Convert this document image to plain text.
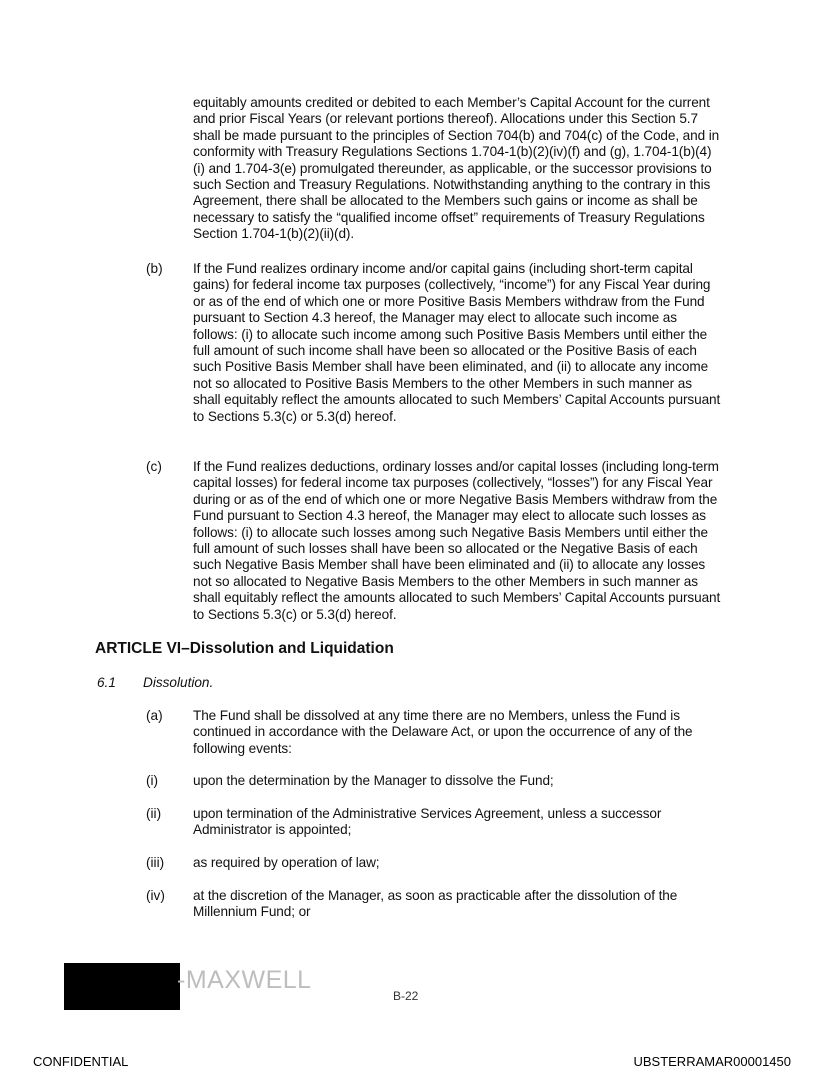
equitably amounts credited or debited to each Member’s Capital Account for the current and prior Fiscal Years (or relevant portions thereof). Allocations under this Section 5.7 shall be made pursuant to the principles of Section 704(b) and 704(c) of the Code, and in conformity with Treasury Regulations Sections 1.704-1(b)(2)(iv)(f) and (g), 1.704-1(b)(4)(i) and 1.704-3(e) promulgated thereunder, as applicable, or the successor provisions to such Section and Treasury Regulations. Notwithstanding anything to the contrary in this Agreement, there shall be allocated to the Members such gains or income as shall be necessary to satisfy the “qualified income offset” requirements of Treasury Regulations Section 1.704-1(b)(2)(ii)(d).

(b) If the Fund realizes ordinary income and/or capital gains (including short-term capital gains) for federal income tax purposes (collectively, “income”) for any Fiscal Year during or as of the end of which one or more Positive Basis Members withdraw from the Fund pursuant to Section 4.3 hereof, the Manager may elect to allocate such income as follows: (i) to allocate such income among such Positive Basis Members until either the full amount of such income shall have been so allocated or the Positive Basis of each such Positive Basis Member shall have been eliminated, and (ii) to allocate any income not so allocated to Positive Basis Members to the other Members in such manner as shall equitably reflect the amounts allocated to such Members’ Capital Accounts pursuant to Sections 5.3(c) or 5.3(d) hereof.

(c) If the Fund realizes deductions, ordinary losses and/or capital losses (including long-term capital losses) for federal income tax purposes (collectively, “losses”) for any Fiscal Year during or as of the end of which one or more Negative Basis Members withdraw from the Fund pursuant to Section 4.3 hereof, the Manager may elect to allocate such losses as follows: (i) to allocate such losses among such Negative Basis Members until either the full amount of such losses shall have been so allocated or the Negative Basis of each such Negative Basis Member shall have been eliminated and (ii) to allocate any losses not so allocated to Negative Basis Members to the other Members in such manner as shall equitably reflect the amounts allocated to such Members’ Capital Accounts pursuant to Sections 5.3(c) or 5.3(d) hereof.

ARTICLE VI–Dissolution and Liquidation

6.1 Dissolution.

(a) The Fund shall be dissolved at any time there are no Members, unless the Fund is continued in accordance with the Delaware Act, or upon the occurrence of any of the following events:

(i)	upon the determination by the Manager to dissolve the Fund;

(ii) upon termination of the Administrative Services Agreement, unless a successor Administrator is appointed;

(iii) as required by operation of law;

(iv) at the discretion of the Manager, as soon as practicable after the dissolution of the Millennium Fund; or

-MAXWELL
B-22
CONFIDENTIAL	UBSTERRAMAR00001450
